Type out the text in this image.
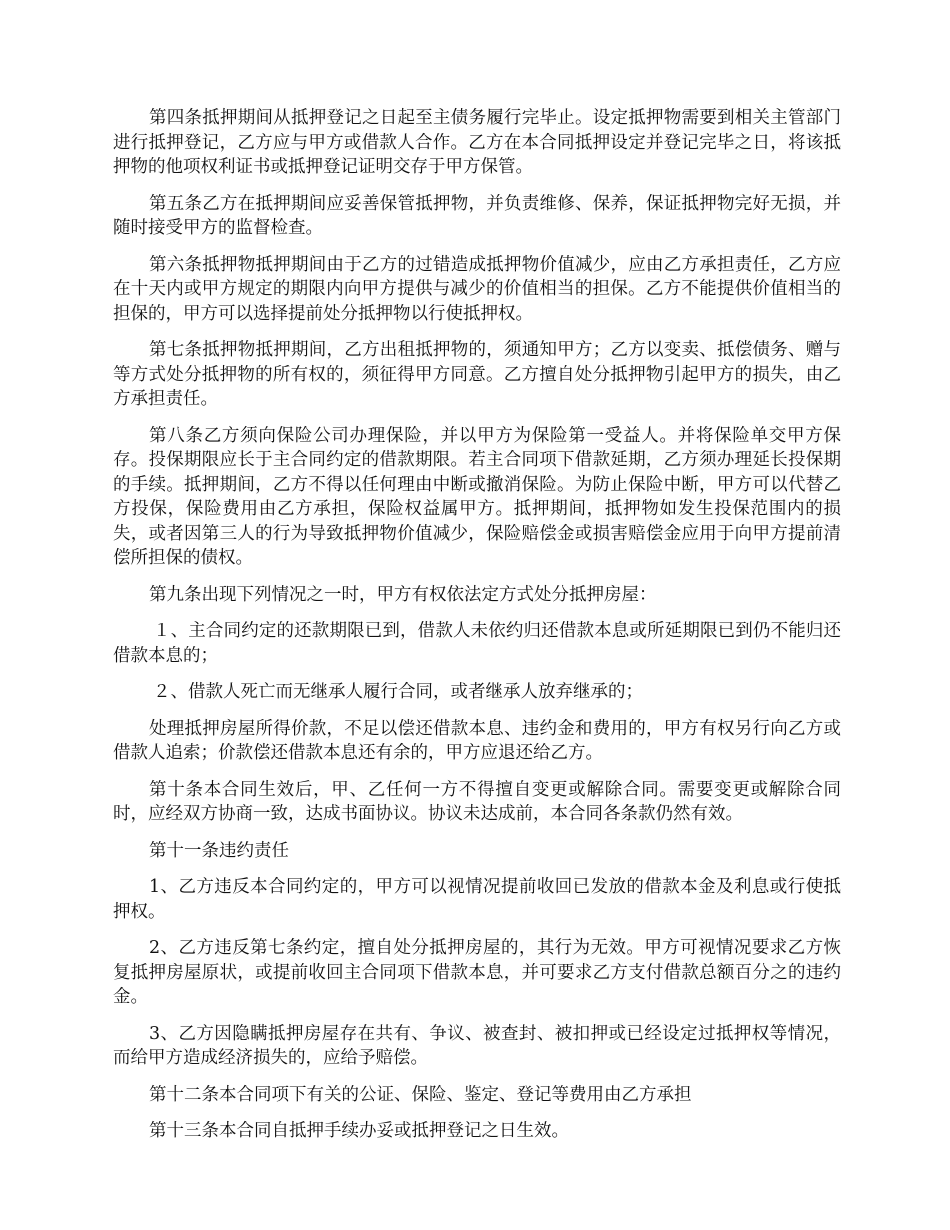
第四条抵押期间从抵押登记之日起至主债务履行完毕止。设定抵押物需要到相关主管部门进行抵押登记，乙方应与甲方或借款人合作。乙方在本合同抵押设定并登记完毕之日，将该抵押物的他项权利证书或抵押登记证明交存于甲方保管。

第五条乙方在抵押期间应妥善保管抵押物，并负责维修、保养，保证抵押物完好无损，并随时接受甲方的监督检查。

第六条抵押物抵押期间由于乙方的过错造成抵押物价值减少，应由乙方承担责任，乙方应在十天内或甲方规定的期限内向甲方提供与减少的价值相当的担保。乙方不能提供价值相当的担保的，甲方可以选择提前处分抵押物以行使抵押权。

第七条抵押物抵押期间，乙方出租抵押物的，须通知甲方；乙方以变卖、抵偿债务、赠与等方式处分抵押物的所有权的，须征得甲方同意。乙方擅自处分抵押物引起甲方的损失，由乙方承担责任。

第八条乙方须向保险公司办理保险，并以甲方为保险第一受益人。并将保险单交甲方保存。投保期限应长于主合同约定的借款期限。若主合同项下借款延期，乙方须办理延长投保期的手续。抵押期间，乙方不得以任何理由中断或撤消保险。为防止保险中断，甲方可以代替乙方投保，保险费用由乙方承担，保险权益属甲方。抵押期间，抵押物如发生投保范围内的损失，或者因第三人的行为导致抵押物价值减少，保险赔偿金或损害赔偿金应用于向甲方提前清偿所担保的债权。

第九条出现下列情况之一时，甲方有权依法定方式处分抵押房屋：

１、主合同约定的还款期限已到，借款人未依约归还借款本息或所延期限已到仍不能归还借款本息的；

２、借款人死亡而无继承人履行合同，或者继承人放弃继承的；

处理抵押房屋所得价款，不足以偿还借款本息、违约金和费用的，甲方有权另行向乙方或借款人追索；价款偿还借款本息还有余的，甲方应退还给乙方。

第十条本合同生效后，甲、乙任何一方不得擅自变更或解除合同。需要变更或解除合同时，应经双方协商一致，达成书面协议。协议未达成前，本合同各条款仍然有效。

第十一条违约责任

1、乙方违反本合同约定的，甲方可以视情况提前收回已发放的借款本金及利息或行使抵押权。

2、乙方违反第七条约定，擅自处分抵押房屋的，其行为无效。甲方可视情况要求乙方恢复抵押房屋原状，或提前收回主合同项下借款本息，并可要求乙方支付借款总额百分之的违约金。

3、乙方因隐瞒抵押房屋存在共有、争议、被查封、被扣押或已经设定过抵押权等情况，而给甲方造成经济损失的，应给予赔偿。

第十二条本合同项下有关的公证、保险、鉴定、登记等费用由乙方承担

第十三条本合同自抵押手续办妥或抵押登记之日生效。
